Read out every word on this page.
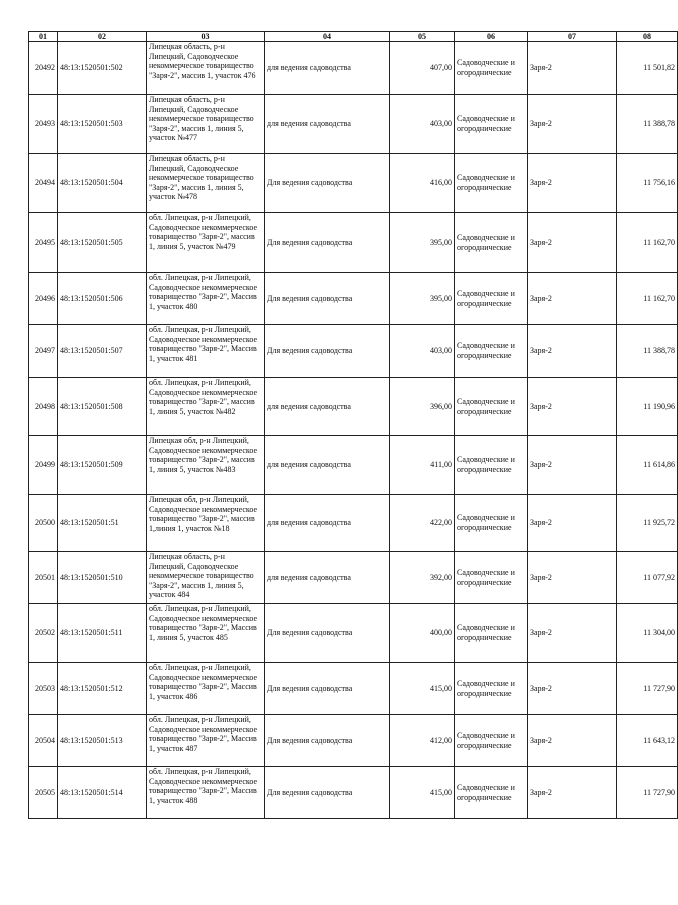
01	02	03	04	05	06	07	08
20492	48:13:1520501:502	Липецкая область, р-н Липецкий, Садоводческое некоммерческое товарищество "Заря-2", массив 1, участок 476	для ведения садоводства	407,00	Садоводческие и огороднические	Заря-2	11 501,82
20493	48:13:1520501:503	Липецкая область, р-н Липецкий, Садоводческое некоммерческое товарищество "Заря-2", массив 1, линия 5, участок №477	для ведения садоводства	403,00	Садоводческие и огороднические	Заря-2	11 388,78
20494	48:13:1520501:504	Липецкая область, р-н Липецкий, Садоводческое некоммерческое товарищество "Заря-2", массив 1, линия 5, участок №478	Для ведения садоводства	416,00	Садоводческие и огороднические	Заря-2	11 756,16
20495	48:13:1520501:505	обл. Липецкая, р-н Липецкий, Садоводческое некоммерческое товарищество "Заря-2", массив 1, линия 5, участок №479	Для ведения садоводства	395,00	Садоводческие и огороднические	Заря-2	11 162,70
20496	48:13:1520501:506	обл. Липецкая, р-н Липецкий, Садоводческое некоммерческое товарищество "Заря-2", Массив 1, участок 480	Для ведения садоводства	395,00	Садоводческие и огороднические	Заря-2	11 162,70
20497	48:13:1520501:507	обл. Липецкая, р-н Липецкий, Садоводческое некоммерческое товарищество "Заря-2", Массив 1, участок 481	Для ведения садоводства	403,00	Садоводческие и огороднические	Заря-2	11 388,78
20498	48:13:1520501:508	обл. Липецкая, р-н Липецкий, Садоводческое некоммерческое товарищество "Заря-2", массив 1, линия 5, участок №482	для ведения садоводства	396,00	Садоводческие и огороднические	Заря-2	11 190,96
20499	48:13:1520501:509	Липецкая обл, р-н Липецкий, Садоводческое некоммерческое товарищество "Заря-2", массив 1, линия 5, участок №483	для ведения садоводства	411,00	Садоводческие и огороднические	Заря-2	11 614,86
20500	48:13:1520501:51	Липецкая обл, р-н Липецкий, Садоводческое некоммерческое товарищество "Заря-2", массив 1,линия 1, участок №18	для ведения садоводства	422,00	Садоводческие и огороднические	Заря-2	11 925,72
20501	48:13:1520501:510	Липецкая область, р-н Липецкий, Садоводческое некоммерческое товарищество "Заря-2", массив 1, линия 5, участок 484	для ведения садоводства	392,00	Садоводческие и огороднические	Заря-2	11 077,92
20502	48:13:1520501:511	обл. Липецкая, р-н Липецкий, Садоводческое некоммерческое товарищество "Заря-2", Массив 1, линия 5, участок 485	Для ведения садоводства	400,00	Садоводческие и огороднические	Заря-2	11 304,00
20503	48:13:1520501:512	обл. Липецкая, р-н Липецкий, Садоводческое некоммерческое товарищество "Заря-2", Массив 1, участок 486	Для ведения садоводства	415,00	Садоводческие и огороднические	Заря-2	11 727,90
20504	48:13:1520501:513	обл. Липецкая, р-н Липецкий, Садоводческое некоммерческое товарищество "Заря-2", Массив 1, участок 487	Для ведения садоводства	412,00	Садоводческие и огороднические	Заря-2	11 643,12
20505	48:13:1520501:514	обл. Липецкая, р-н Липецкий, Садоводческое некоммерческое товарищество "Заря-2", Массив 1, участок 488	Для ведения садоводства	415,00	Садоводческие и огороднические	Заря-2	11 727,90
